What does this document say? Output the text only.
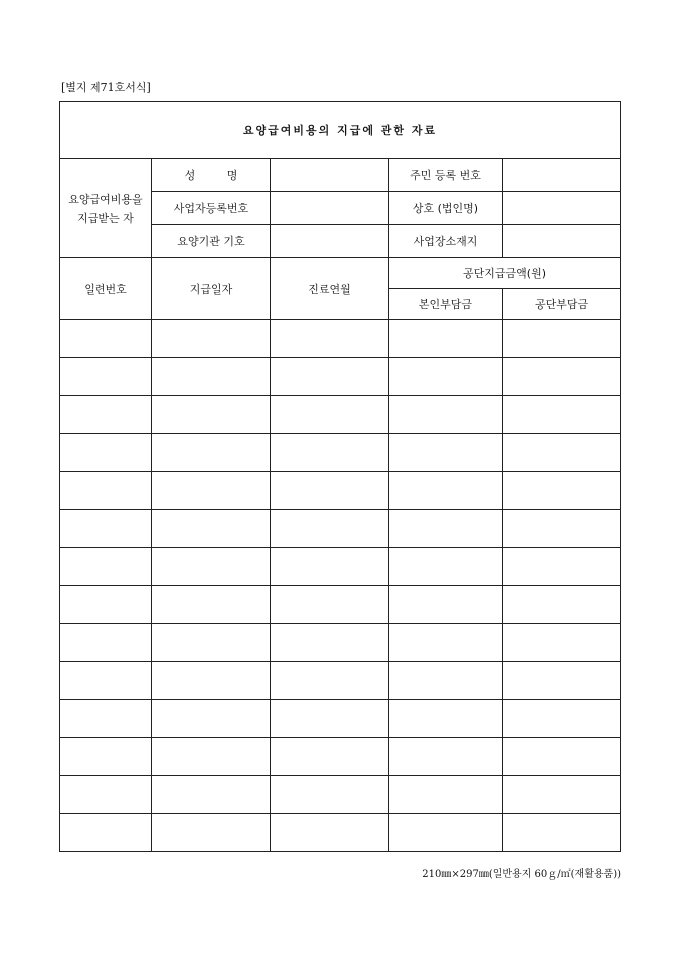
[별지 제71호서식]
요양급여비용의 지급에 관한 자료				

요양급여비용을
지급받는 자	성         명		주민 등록 번호	
	사업자등록번호		상호 (법인명)	
	요양기관 기호		사업장소재지	
일련번호	지급일자	진료연월	공단지급금액(원)	
			본인부담금	공단부담금

210㎜×297㎜(일반용지 60ｇ/㎡(재활용품))
